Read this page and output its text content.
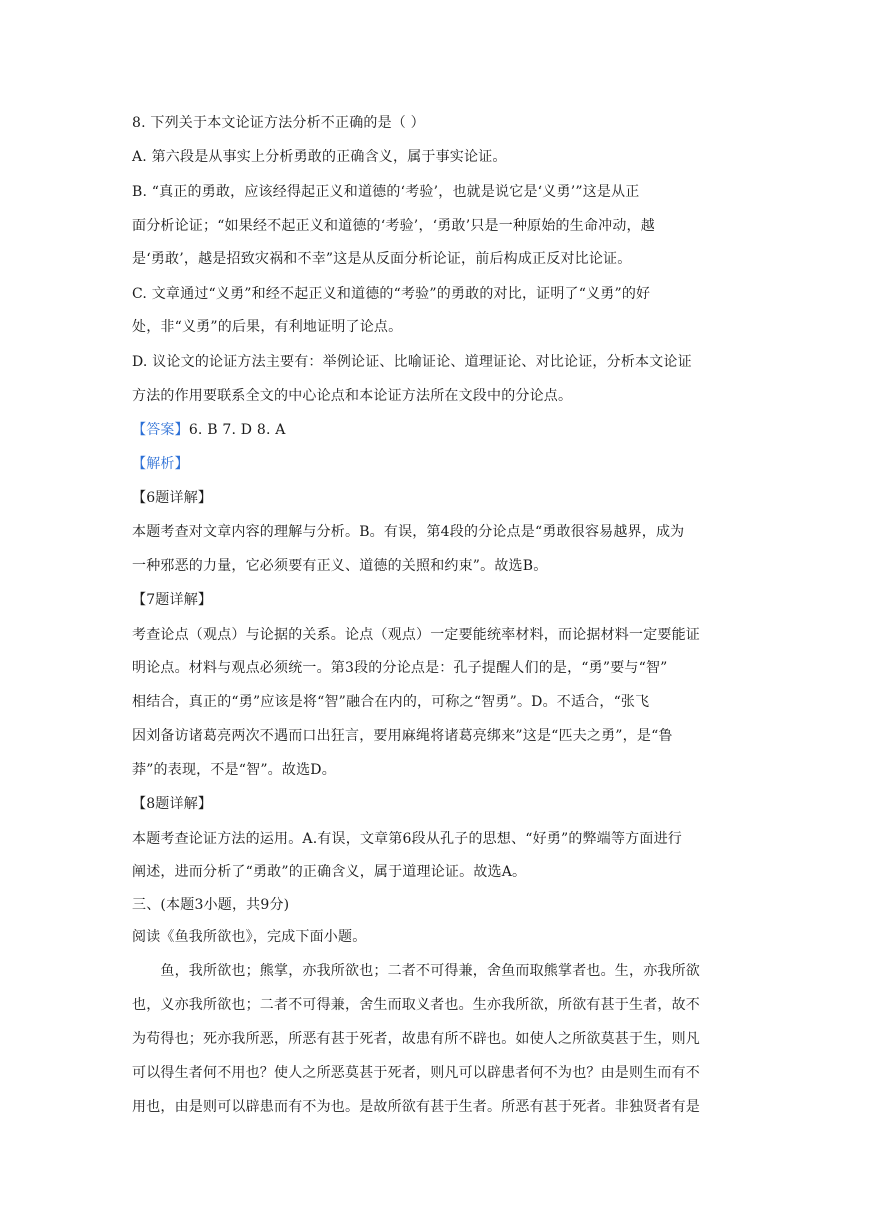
8. 下列关于本文论证方法分析不正确的是（ ）
A. 第六段是从事实上分析勇敢的正确含义，属于事实论证。
B. “真正的勇敢，应该经得起正义和道德的‘考验’，也就是说它是‘义勇’”这是从正
面分析论证；“如果经不起正义和道德的‘考验’，‘勇敢’只是一种原始的生命冲动，越
是‘勇敢’，越是招致灾祸和不幸”这是从反面分析论证，前后构成正反对比论证。
C. 文章通过“义勇”和经不起正义和道德的“考验”的勇敢的对比，证明了“义勇”的好
处，非“义勇”的后果，有利地证明了论点。
D. 议论文的论证方法主要有：举例论证、比喻证论、道理证论、对比论证，分析本文论证
方法的作用要联系全文的中心论点和本论证方法所在文段中的分论点。
【答案】6. B 7. D 8. A
【解析】
【6题详解】
本题考查对文章内容的理解与分析。B。有误，第4段的分论点是“勇敢很容易越界，成为
一种邪恶的力量，它必须要有正义、道德的关照和约束”。故选B。
【7题详解】
考查论点（观点）与论据的关系。论点（观点）一定要能统率材料，而论据材料一定要能证
明论点。材料与观点必须统一。第3段的分论点是：孔子提醒人们的是，“勇”要与“智”
相结合，真正的“勇”应该是将“智”融合在内的，可称之“智勇”。D。不适合，“张飞
因刘备访诸葛亮两次不遇而口出狂言，要用麻绳将诸葛亮绑来”这是“匹夫之勇”，是“鲁
莽”的表现，不是“智”。故选D。
【8题详解】
本题考查论证方法的运用。A.有误，文章第6段从孔子的思想、“好勇”的弊端等方面进行
阐述，进而分析了“勇敢”的正确含义，属于道理论证。故选A。
三、(本题3小题，共9分)
阅读《鱼我所欲也》，完成下面小题。
　　鱼，我所欲也；熊掌，亦我所欲也；二者不可得兼，舍鱼而取熊掌者也。生，亦我所欲
也，义亦我所欲也；二者不可得兼，舍生而取义者也。生亦我所欲，所欲有甚于生者，故不
为苟得也；死亦我所恶，所恶有甚于死者，故患有所不辟也。如使人之所欲莫甚于生，则凡
可以得生者何不用也？使人之所恶莫甚于死者，则凡可以辟患者何不为也？由是则生而有不
用也，由是则可以辟患而有不为也。是故所欲有甚于生者。所恶有甚于死者。非独贤者有是
